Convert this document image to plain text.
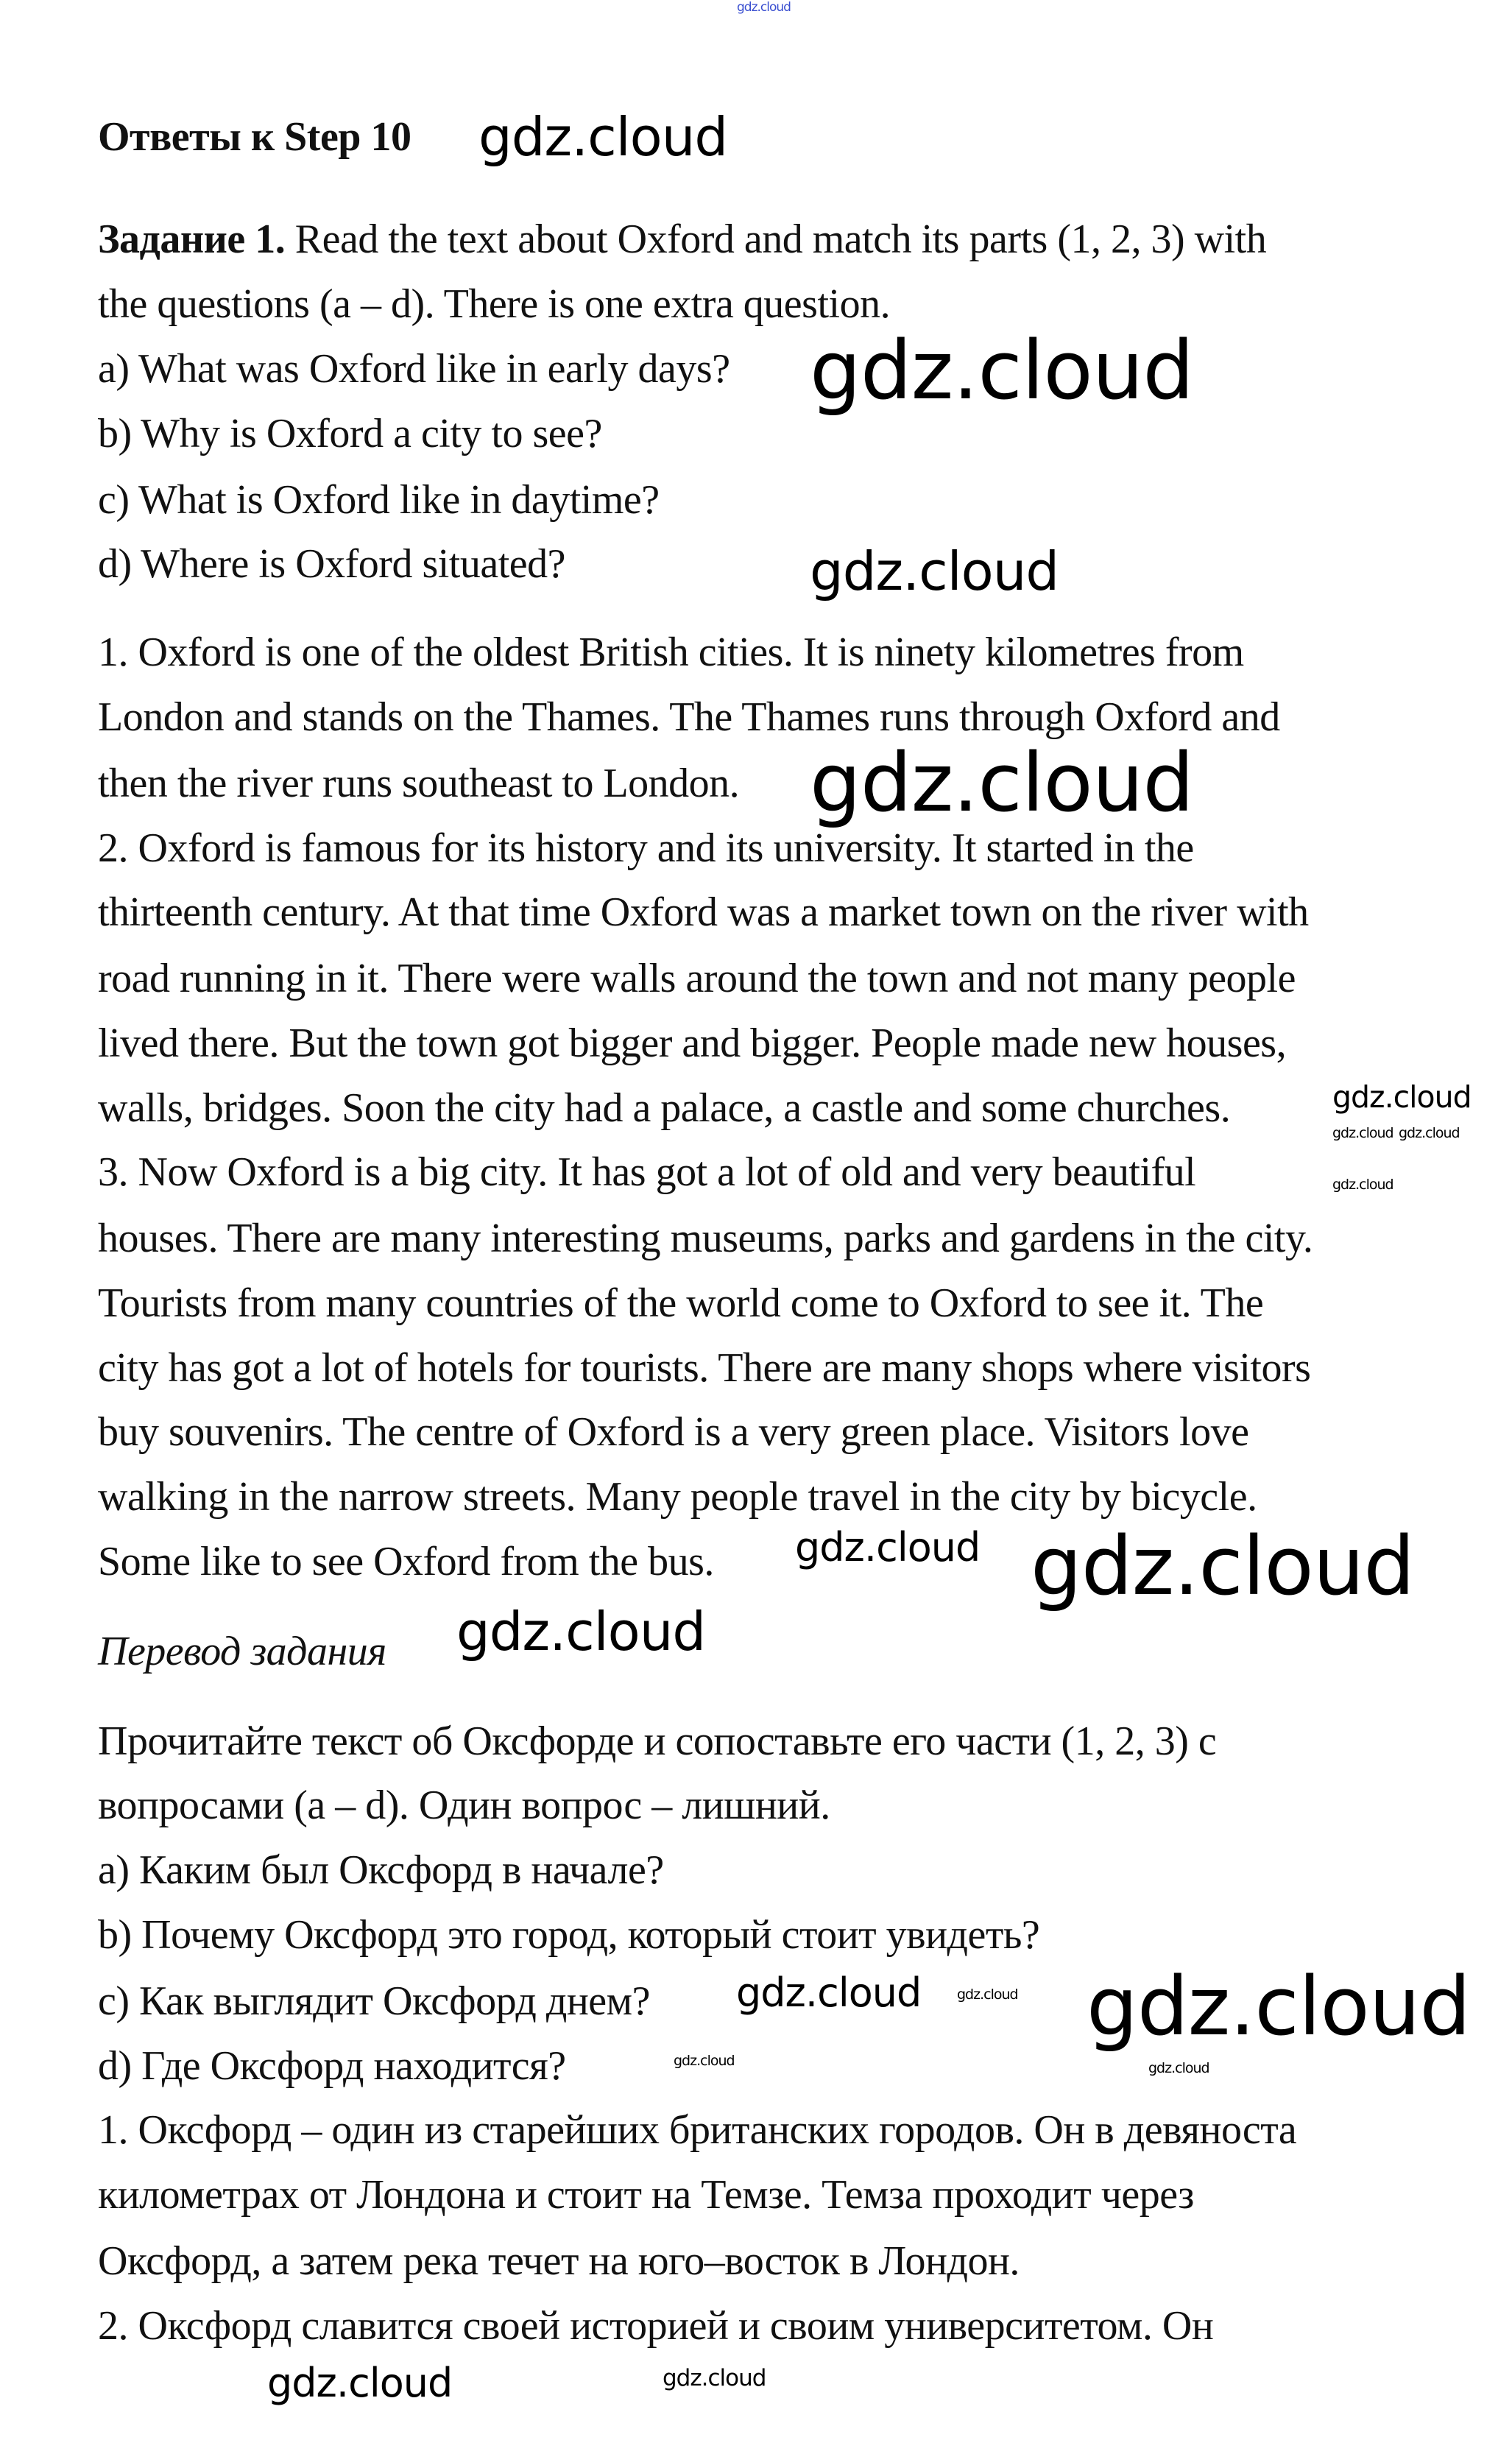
gdz.cloud
Ответы к Step 10
Задание 1. Read the text about Oxford and match its parts (1, 2, 3) with
the questions (a – d). There is one extra question.
a) What was Oxford like in early days?
b) Why is Oxford a city to see?
c) What is Oxford like in daytime?
d) Where is Oxford situated?
1. Oxford is one of the oldest British cities. It is ninety kilometres from
London and stands on the Thames. The Thames runs through Oxford and
then the river runs southeast to London.
2. Oxford is famous for its history and its university. It started in the
thirteenth century. At that time Oxford was a market town on the river with
road running in it. There were walls around the town and not many people
lived there. But the town got bigger and bigger. People made new houses,
walls, bridges. Soon the city had a palace, a castle and some churches.
3. Now Oxford is a big city. It has got a lot of old and very beautiful
houses. There are many interesting museums, parks and gardens in the city.
Tourists from many countries of the world come to Oxford to see it. The
city has got a lot of hotels for tourists. There are many shops where visitors
buy souvenirs. The centre of Oxford is a very green place. Visitors love
walking in the narrow streets. Many people travel in the city by bicycle.
Some like to see Oxford from the bus.
Перевод задания
Прочитайте текст об Оксфорде и сопоставьте его части (1, 2, 3) с
вопросами (a – d). Один вопрос – лишний.
a) Каким был Оксфорд в начале?
b) Почему Оксфорд это город, который стоит увидеть?
c) Как выглядит Оксфорд днем?
d) Где Оксфорд находится?
1. Оксфорд – один из старейших британских городов. Он в девяноста
километрах от Лондона и стоит на Темзе. Темза проходит через
Оксфорд, а затем река течет на юго–восток в Лондон.
2. Оксфорд славится своей историей и своим университетом. Он
gdz.cloud
gdz.cloud
gdz.cloud
gdz.cloud
gdz.cloud
gdz.cloud gdz.cloud
gdz.cloud
gdz.cloud
gdz.cloud
gdz.cloud
gdz.cloud gdz.cloud
gdz.cloud
gdz.cloud
gdz.cloud
gdz.cloud	gdz.cloud
